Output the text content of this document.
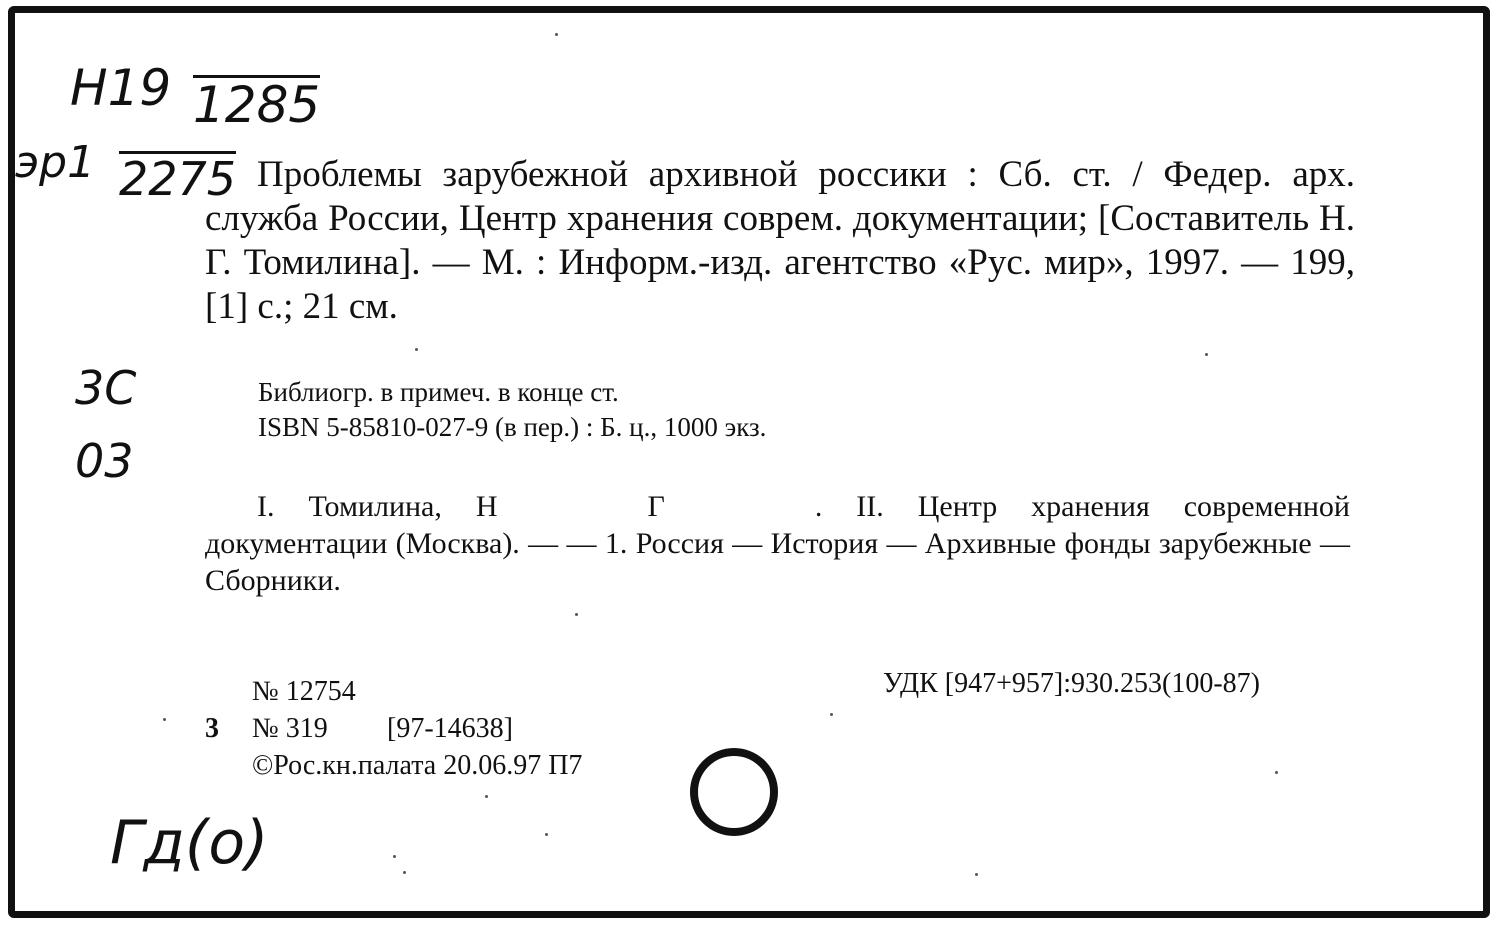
Н19 1285
эр1 2275
3С
03
Гд(о)

Проблемы зарубежной архивной россики : Сб. ст. / Федер. арх. служба России, Центр хранения соврем. документации; [Составитель Н. Г. Томилина]. — М. : Информ.-изд. агентство «Рус. мир», 1997. — 199,[1] с.; 21 см.

Библиогр. в примеч. в конце ст.

ISBN 5-85810-027-9 (в пер.) : Б. ц., 1000 экз.

I. Томилина, Н	Г	. II. Центр хранения современной документации (Москва). — — 1. Россия — История — Архивные фонды зарубежные — Сборники.

№ 12754	УДК [947+957]:930.253(100-87)

3 № 319 [97-14638]

©Рос.кн.палата 20.06.97 П7
